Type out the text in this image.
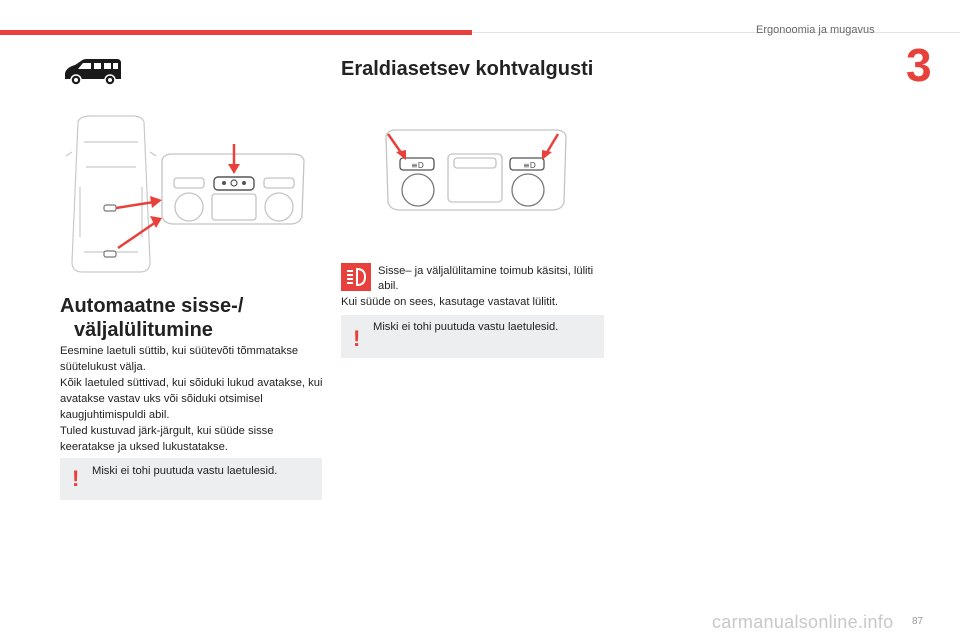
Ergonoomia ja mugavus
3
Automaatne sisse-/
väljalülitumine

Eesmine laetuli süttib, kui süütevõti tõmmatakse süütelukust välja.

Kõik laetuled süttivad, kui sõiduki lukud avatakse, kui avatakse vastav uks või sõiduki otsimisel kaugjuhtimispuldi abil.

Tuled kustuvad järk-järgult, kui süüde sisse keeratakse ja uksed lukustatakse.

! Miski ei tohi puutuda vastu laetulesid.
Eraldiasetsev kohtvalgusti
≡D	≡D
Sisse– ja väljalülitamine toimub käsitsi, lüliti abil.
Kui süüde on sees, kasutage vastavat lülitit.
! Miski ei tohi puutuda vastu laetulesid.
carmanualsonline.info 87
